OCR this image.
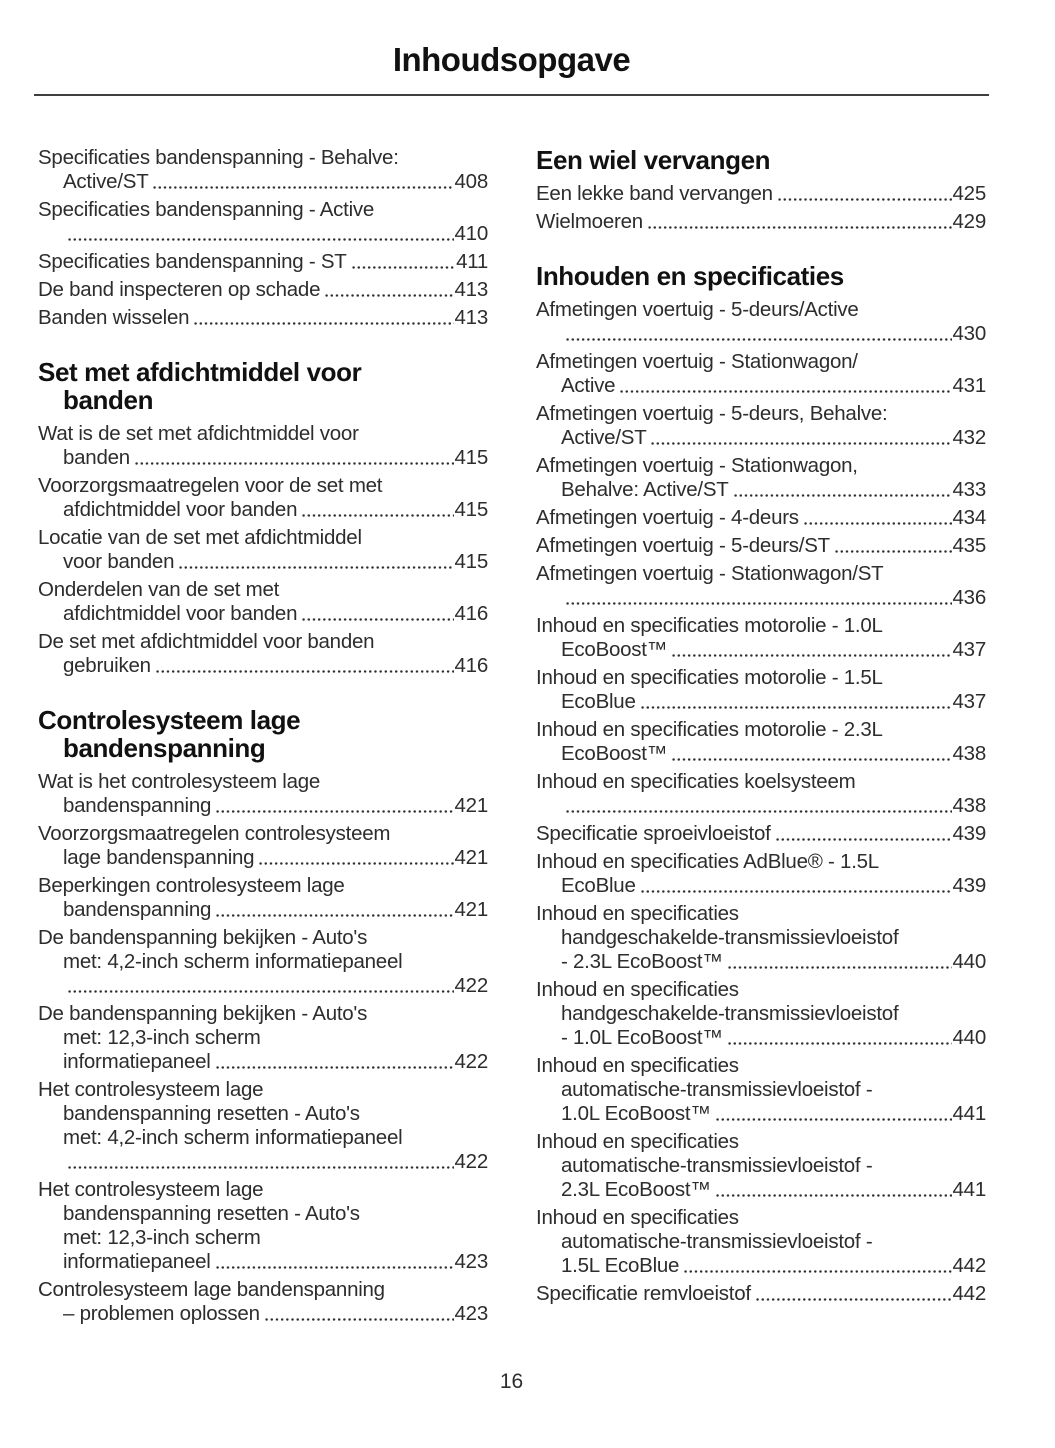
Inhoudsopgave
Specificaties bandenspanning - Behalve:
Active/ST	408
Specificaties bandenspanning - Active
410
Specificaties bandenspanning - ST	411
De band inspecteren op schade	413
Banden wisselen	413
Set met afdichtmiddel voor
banden
Wat is de set met afdichtmiddel voor
banden	415
Voorzorgsmaatregelen voor de set met
afdichtmiddel voor banden	415
Locatie van de set met afdichtmiddel
voor banden	415
Onderdelen van de set met
afdichtmiddel voor banden	416
De set met afdichtmiddel voor banden
gebruiken	416
Controlesysteem lage
bandenspanning
Wat is het controlesysteem lage
bandenspanning	421
Voorzorgsmaatregelen controlesysteem
lage bandenspanning	421
Beperkingen controlesysteem lage
bandenspanning	421
De bandenspanning bekijken - Auto's
met: 4,2-inch scherm informatiepaneel
422
De bandenspanning bekijken - Auto's
met: 12,3-inch scherm
informatiepaneel	422
Het controlesysteem lage
bandenspanning resetten - Auto's
met: 4,2-inch scherm informatiepaneel
422
Het controlesysteem lage
bandenspanning resetten - Auto's
met: 12,3-inch scherm
informatiepaneel	423
Controlesysteem lage bandenspanning
– problemen oplossen	423
Een wiel vervangen
Een lekke band vervangen	425
Wielmoeren	429
Inhouden en specificaties
Afmetingen voertuig - 5-deurs/Active
430
Afmetingen voertuig - Stationwagon/
Active	431
Afmetingen voertuig - 5-deurs, Behalve:
Active/ST	432
Afmetingen voertuig - Stationwagon,
Behalve: Active/ST	433
Afmetingen voertuig - 4-deurs	434
Afmetingen voertuig - 5-deurs/ST	435
Afmetingen voertuig - Stationwagon/ST
436
Inhoud en specificaties motorolie - 1.0L
EcoBoost™	437
Inhoud en specificaties motorolie - 1.5L
EcoBlue	437
Inhoud en specificaties motorolie - 2.3L
EcoBoost™	438
Inhoud en specificaties koelsysteem
438
Specificatie sproeivloeistof	439
Inhoud en specificaties AdBlue® - 1.5L
EcoBlue	439
Inhoud en specificaties
handgeschakelde-transmissievloeistof
- 2.3L EcoBoost™	440
Inhoud en specificaties
handgeschakelde-transmissievloeistof
- 1.0L EcoBoost™	440
Inhoud en specificaties
automatische-transmissievloeistof -
1.0L EcoBoost™	441
Inhoud en specificaties
automatische-transmissievloeistof -
2.3L EcoBoost™	441
Inhoud en specificaties
automatische-transmissievloeistof -
1.5L EcoBlue	442
Specificatie remvloeistof	442
16
